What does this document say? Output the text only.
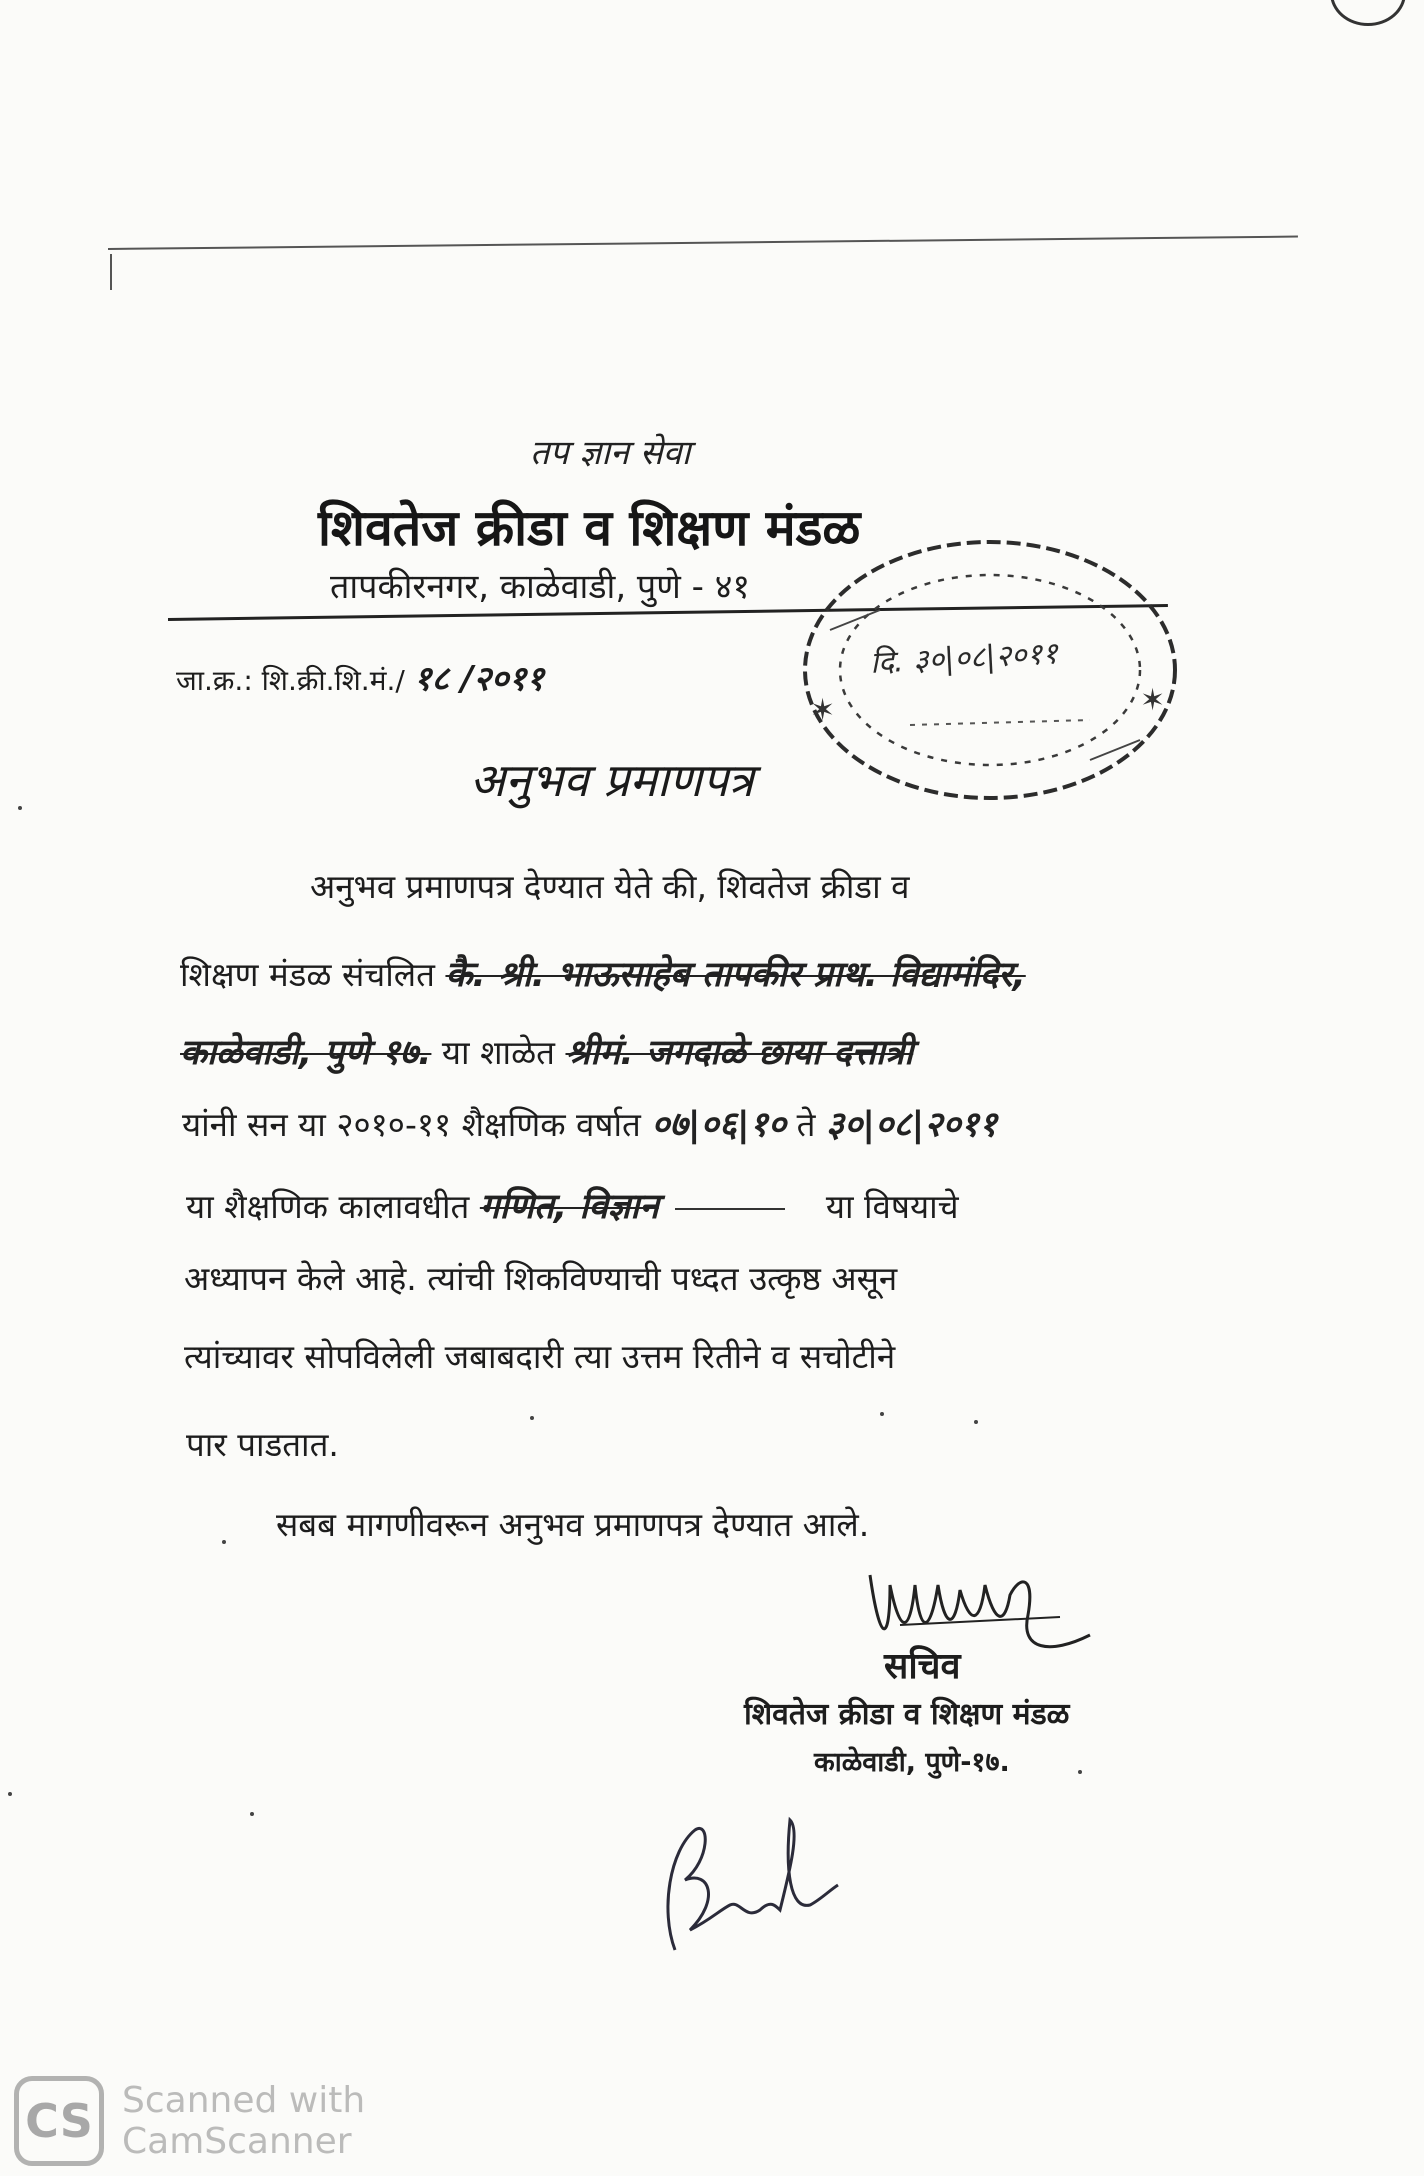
तप ज्ञान सेवा
शिवतेज क्रीडा व शिक्षण मंडळ
तापकीरनगर, काळेवाडी, पुणे - ४१
जा.क्र.: शि.क्री.शि.मं./ १८ /२०११
✶	✶
दि. ३०|०८|२०११
अनुभव प्रमाणपत्र
अनुभव प्रमाणपत्र देण्यात येते की, शिवतेज क्रीडा व
शिक्षण मंडळ संचलित कै. श्री. भाऊसाहेब तापकीर प्राथ. विद्यामंदिर,
काळेवाडी, पुणे १७. या शाळेत श्रीमं. जगदाळे छाया दत्तात्री
यांनी सन या २०१०-११ शैक्षणिक वर्षात ०७|०६|१० ते ३०|०८|२०११
या शैक्षणिक कालावधीत गणित, विज्ञान	या विषयाचे
अध्यापन केले आहे. त्यांची शिकविण्याची पध्दत उत्कृष्ठ असून
त्यांच्यावर सोपविलेली जबाबदारी त्या उत्तम रितीने व सचोटीने
पार पाडतात.
सबब मागणीवरून अनुभव प्रमाणपत्र देण्यात आले.
सचिव
शिवतेज क्रीडा व शिक्षण मंडळ
काळेवाडी, पुणे-१७.
CS Scanned with
CamScanner
